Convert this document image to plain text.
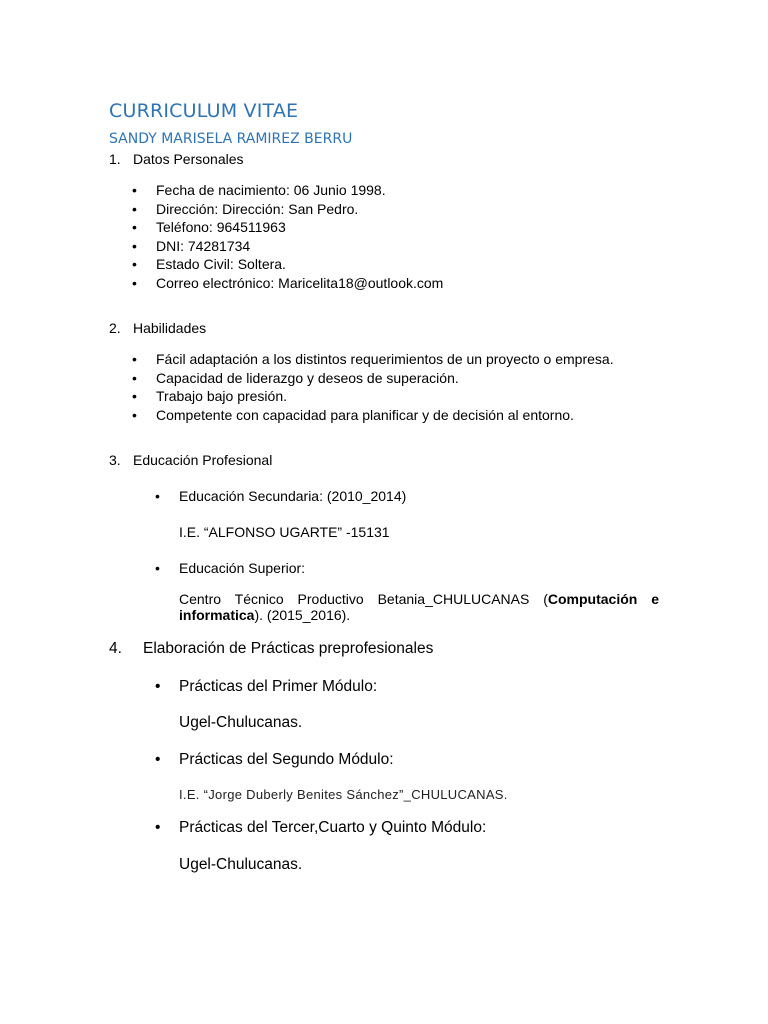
CURRICULUM VITAE
SANDY MARISELA RAMIREZ BERRU
1. Datos Personales
• Fecha de nacimiento: 06 Junio 1998.
• Dirección: Dirección: San Pedro.
• Teléfono: 964511963
• DNI: 74281734
• Estado Civil: Soltera.
• Correo electrónico: Maricelita18@outlook.com
2. Habilidades
• Fácil adaptación a los distintos requerimientos de un proyecto o empresa.
• Capacidad de liderazgo y deseos de superación.
• Trabajo bajo presión.
• Competente con capacidad para planificar y de decisión al entorno.
3. Educación Profesional
• Educación Secundaria: (2010_2014)
I.E. “ALFONSO UGARTE” -15131
• Educación Superior:
Centro Técnico Productivo Betania_CHULUCANAS (Computación e informatica). (2015_2016).
4. Elaboración de Prácticas preprofesionales
• Prácticas del Primer Módulo:
Ugel-Chulucanas.
• Prácticas del Segundo Módulo:
I.E. “Jorge Duberly Benites Sánchez”_CHULUCANAS.
• Prácticas del Tercer,Cuarto y Quinto Módulo:
Ugel-Chulucanas.
